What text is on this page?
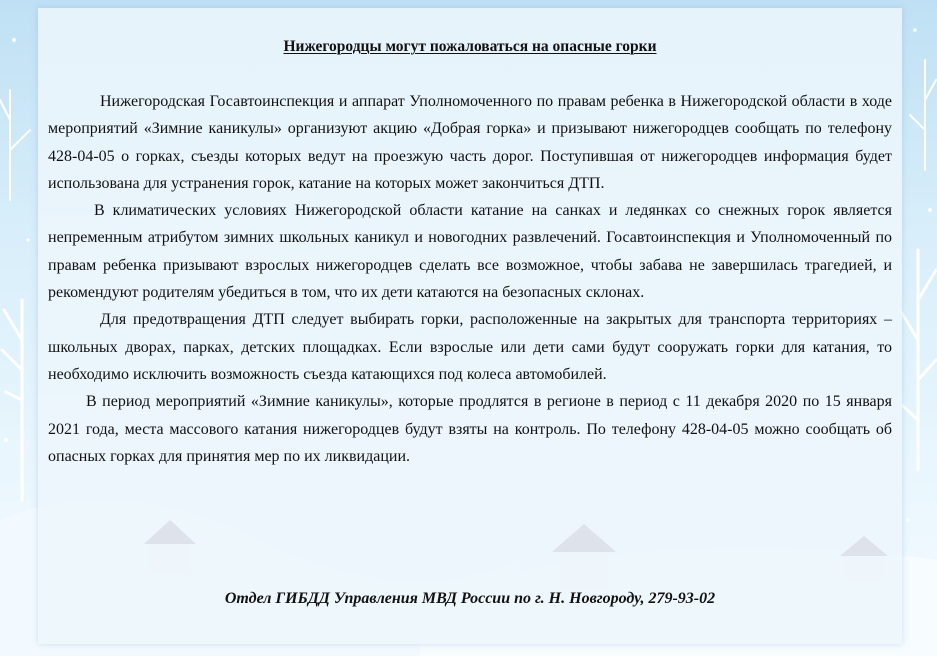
Нижегородцы могут пожаловаться на опасные горки

Нижегородская Госавтоинспекция и аппарат Уполномоченного по правам ребенка в Нижегородской области в ходе мероприятий «Зимние каникулы» организуют акцию «Добрая горка» и призывают нижегородцев сообщать по телефону 428-04-05 о горках, съезды которых ведут на проезжую часть дорог. Поступившая от нижегородцев информация будет использована для устранения горок, катание на которых может закончиться ДТП.

В климатических условиях Нижегородской области катание на санках и ледянках со снежных горок является непременным атрибутом зимних школьных каникул и новогодних развлечений. Госавтоинспекция и Уполномоченный по правам ребенка призывают взрослых нижегородцев сделать все возможное, чтобы забава не завершилась трагедией, и рекомендуют родителям убедиться в том, что их дети катаются на безопасных склонах.

Для предотвращения ДТП следует выбирать горки, расположенные на закрытых для транспорта территориях – школьных дворах, парках, детских площадках. Если взрослые или дети сами будут сооружать горки для катания, то необходимо исключить возможность съезда катающихся под колеса автомобилей.

В период мероприятий «Зимние каникулы», которые продлятся в регионе в период с 11 декабря 2020 по 15 января 2021 года, места массового катания нижегородцев будут взяты на контроль. По телефону 428-04-05 можно сообщать об опасных горках для принятия мер по их ликвидации.

Отдел ГИБДД Управления МВД России по г. Н. Новгороду, 279-93-02
